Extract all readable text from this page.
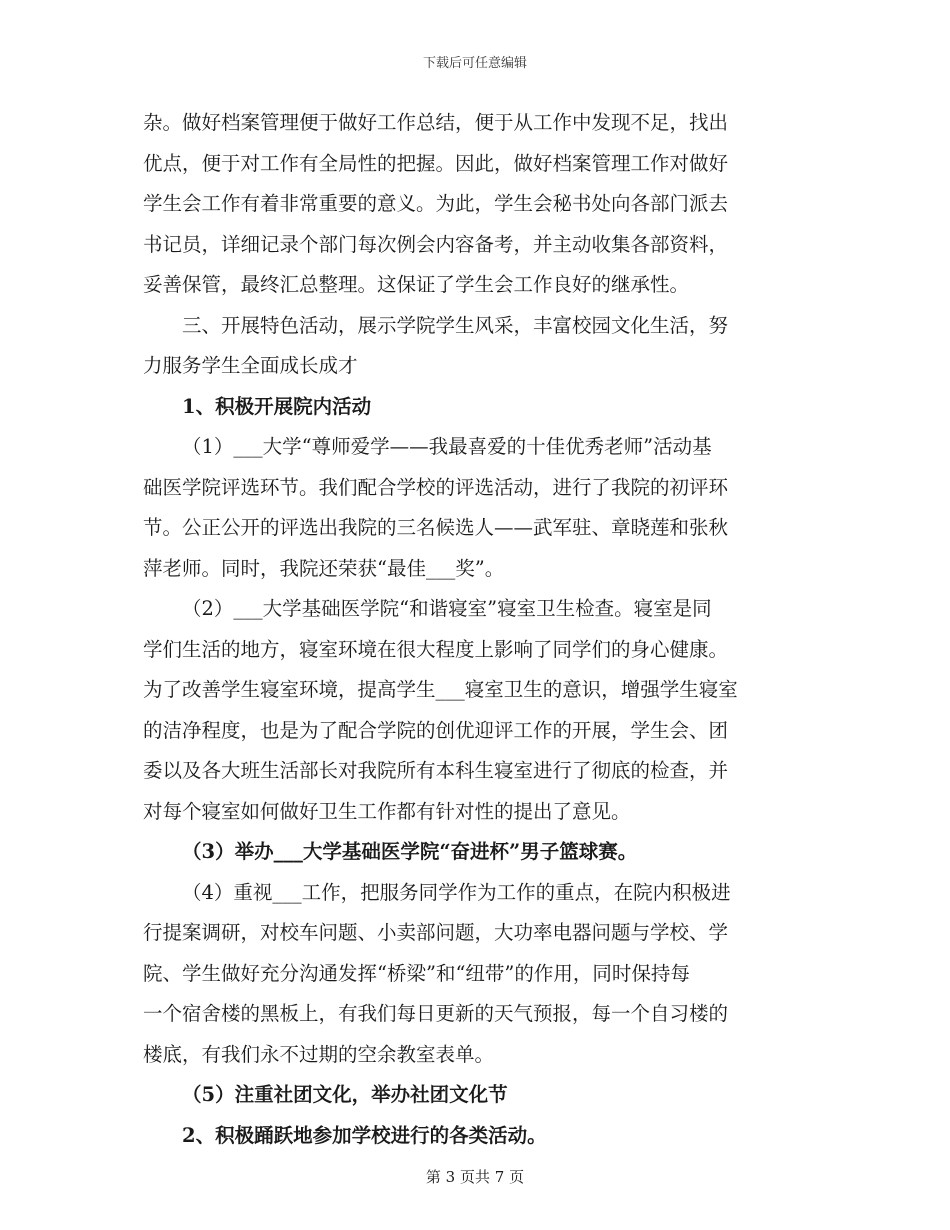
下载后可任意编辑

杂。做好档案管理便于做好工作总结，便于从工作中发现不足，找出
优点，便于对工作有全局性的把握。因此，做好档案管理工作对做好
学生会工作有着非常重要的意义。为此，学生会秘书处向各部门派去
书记员，详细记录个部门每次例会内容备考，并主动收集各部资料，
妥善保管，最终汇总整理。这保证了学生会工作良好的继承性。

三、开展特色活动，展示学院学生风采，丰富校园文化生活，努
力服务学生全面成长成才

1、积极开展院内活动

（1）___大学“尊师爱学——我最喜爱的十佳优秀老师”活动基
础医学院评选环节。我们配合学校的评选活动，进行了我院的初评环
节。公正公开的评选出我院的三名候选人——武军驻、章晓莲和张秋
萍老师。同时，我院还荣获“最佳___奖”。

（2）___大学基础医学院“和谐寝室”寝室卫生检查。寝室是同
学们生活的地方，寝室环境在很大程度上影响了同学们的身心健康。
为了改善学生寝室环境，提高学生___寝室卫生的意识，增强学生寝室
的洁净程度，也是为了配合学院的创优迎评工作的开展，学生会、团
委以及各大班生活部长对我院所有本科生寝室进行了彻底的检查，并
对每个寝室如何做好卫生工作都有针对性的提出了意见。

（3）举办___大学基础医学院“奋进杯”男子篮球赛。

（4）重视___工作，把服务同学作为工作的重点，在院内积极进
行提案调研，对校车问题、小卖部问题，大功率电器问题与学校、学
院、学生做好充分沟通发挥“桥梁”和“纽带”的作用，同时保持每
一个宿舍楼的黑板上，有我们每日更新的天气预报，每一个自习楼的
楼底，有我们永不过期的空余教室表单。

（5）注重社团文化，举办社团文化节

2、积极踊跃地参加学校进行的各类活动。

第 3 页共 7 页
